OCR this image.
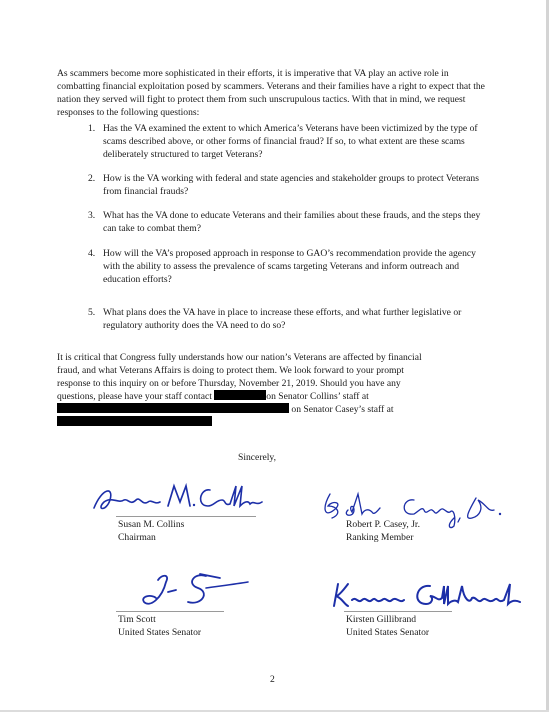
As scammers become more sophisticated in their efforts, it is imperative that VA play an active role in combatting financial exploitation posed by scammers. Veterans and their families have a right to expect that the nation they served will fight to protect them from such unscrupulous tactics. With that in mind, we request responses to the following questions:

1. Has the VA examined the extent to which America’s Veterans have been victimized by the type of scams described above, or other forms of financial fraud? If so, to what extent are these scams deliberately structured to target Veterans?
2. How is the VA working with federal and state agencies and stakeholder groups to protect Veterans from financial frauds?
3. What has the VA done to educate Veterans and their families about these frauds, and the steps they can take to combat them?
4. How will the VA’s proposed approach in response to GAO’s recommendation provide the agency with the ability to assess the prevalence of scams targeting Veterans and inform outreach and education efforts?
5. What plans does the VA have in place to increase these efforts, and what further legislative or regulatory authority does the VA need to do so?
It is critical that Congress fully understands how our nation’s Veterans are affected by financial
fraud, and what Veterans Affairs is doing to protect them. We look forward to your prompt
response to this inquiry on or before Thursday, November 21, 2019. Should you have any
questions, please have your staff contact	on Senator Collins’ staff at
on Senator Casey’s staff at
Sincerely,
Susan M. Collins
Chairman
Robert P. Casey, Jr.
Ranking Member
Tim Scott
United States Senator
Kirsten Gillibrand
United States Senator
2
